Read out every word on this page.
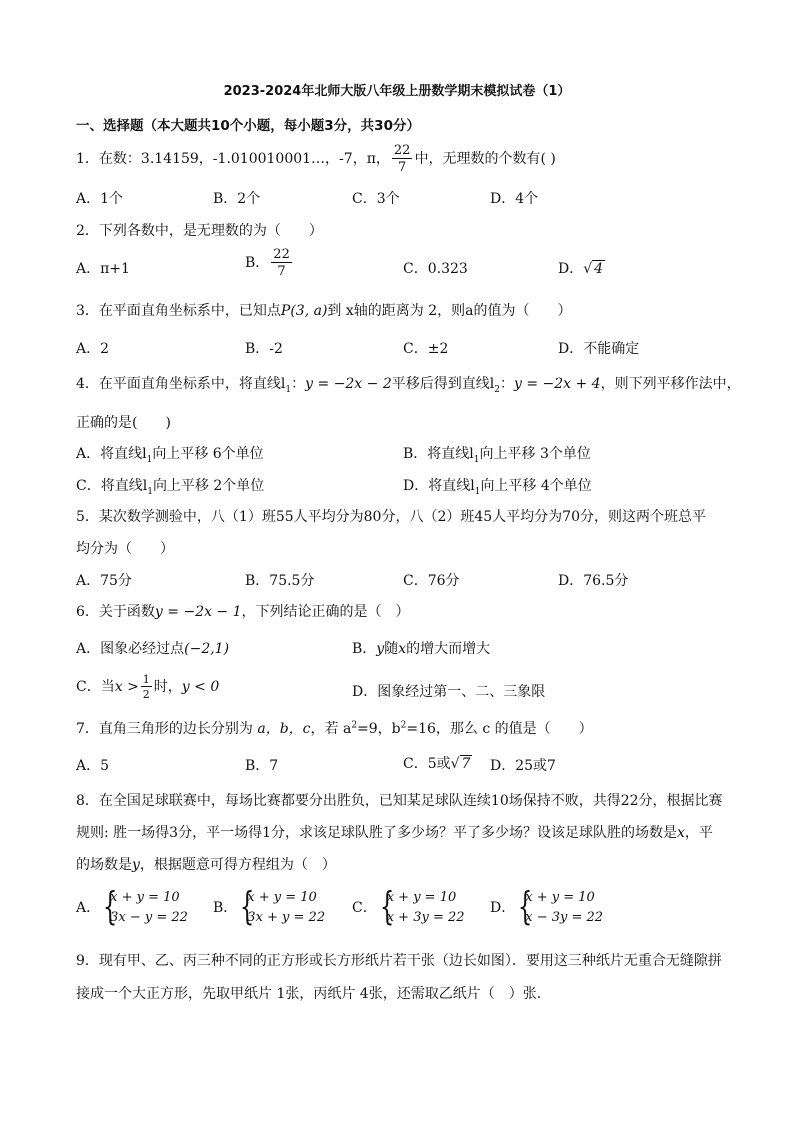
2023-2024年北师大版八年级上册数学期末模拟试卷（1）
一、选择题（本大题共10个小题，每小题3分，共30分）
1．在数：3.14159，-1.010010001…，-7，π， $\frac{22}{7}$ 中，无理数的个数有( )
A．1个	B．2个	C．3个	D．4个
2．下列各数中，是无理数的为（　　）
A．π+1	B． $\frac{22}{7}$	C．0.323	D．√ 4
3．在平面直角坐标系中，已知点P(3, a)到 x轴的距离为 2，则a的值为（　　）
A．2	B．-2	C．±2	D．不能确定
4．在平面直角坐标系中，将直线$l_1$：y = −2x − 2平移后得到直线$l_2$：y = −2x + 4，则下列平移作法中，
正确的是(　　)
A．将直线$l_1$向上平移 6个单位	B．将直线$l_1$向上平移 3个单位
C．将直线$l_1$向上平移 2个单位	D．将直线$l_1$向上平移 4个单位
5．某次数学测验中，八（1）班55人平均分为80分，八（2）班45人平均分为70分，则这两个班总平
均分为（　　）
A．75分	B．75.5分	C．76分	D．76.5分
6．关于函数y = −2x − 1，下列结论正确的是（　）
A．图象必经过点(−2,1)	B．y随x的增大而增大
C．当$x > \frac{1}{2}$ 时，y < 0	D．图象经过第一、二、三象限
7．直角三角形的边长分别为 a，b，c，若 $a^2=9$，$b^2=16$，那么 c 的值是（　　）
A．5	B．7	C．5或√ 7 D．25或7
8．在全国足球联赛中，每场比赛都要分出胜负，已知某足球队连续10场保持不败，共得22分，根据比赛
规则: 胜一场得3分，平一场得1分，求该足球队胜了多少场？平了多少场？设该足球队胜的场数是x，平
的场数是y，根据题意可得方程组为（　）
A．
{ x + y = 10
3x − y = 22
B．
{ x + y = 10
3x + y = 22
C．
{ x + y = 10
x + 3y = 22
D．
{ x + y = 10
x − 3y = 22
9．现有甲、乙、丙三种不同的正方形或长方形纸片若干张（边长如图）．要用这三种纸片无重合无缝隙拼
接成一个大正方形，先取甲纸片 1张，丙纸片 4张，还需取乙纸片（　）张．
